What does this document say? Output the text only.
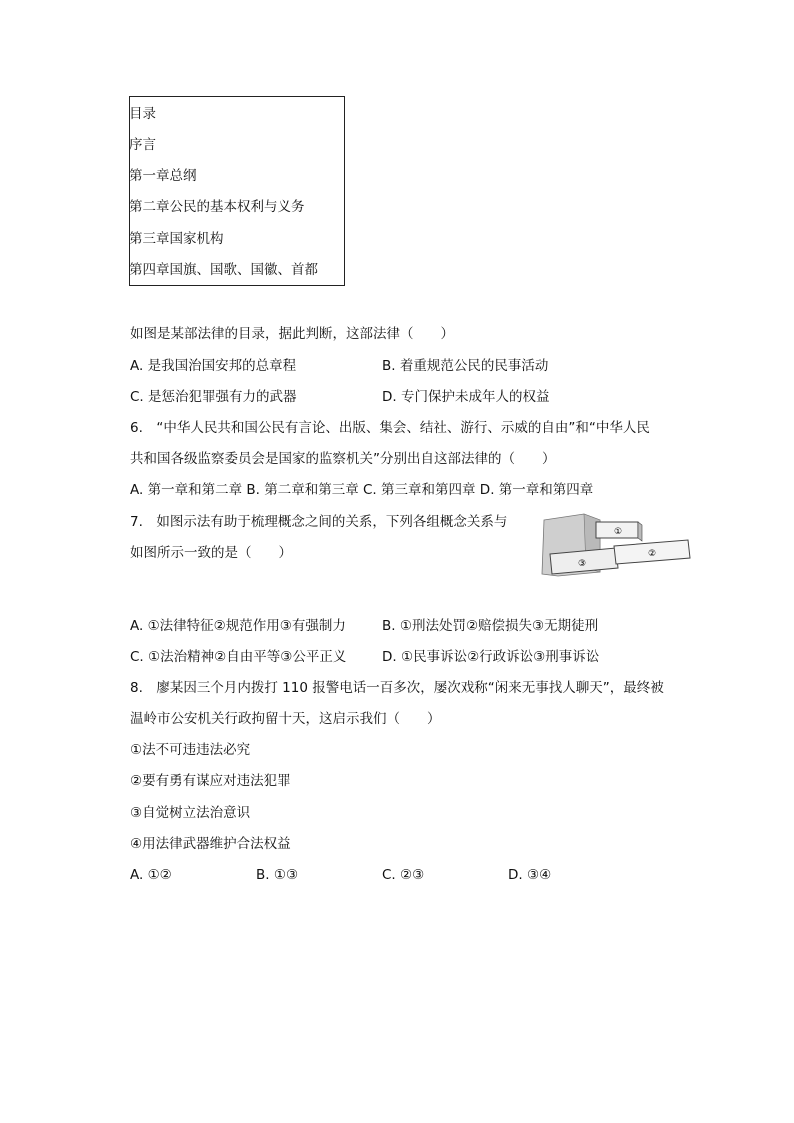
目录
序言
第一章总纲
第二章公民的基本权利与义务
第三章国家机构
第四章国旗、国歌、国徽、首都
如图是某部法律的目录，据此判断，这部法律（　　）
A. 是我国治国安邦的总章程	B. 着重规范公民的民事活动
C. 是惩治犯罪强有力的武器	D. 专门保护未成年人的权益
6.　“中华人民共和国公民有言论、出版、集会、结社、游行、示威的自由”和“中华人民
共和国各级监察委员会是国家的监察机关”分别出自这部法律的（　　）
A. 第一章和第二章 B. 第二章和第三章 C. 第三章和第四章 D. 第一章和第四章
7.　如图示法有助于梳理概念之间的关系，下列各组概念关系与
如图所示一致的是（　　）
①
②
③
A. ①法律特征②规范作用③有强制力	B. ①刑法处罚②赔偿损失③无期徒刑
C. ①法治精神②自由平等③公平正义	D. ①民事诉讼②行政诉讼③刑事诉讼
8.　廖某因三个月内拨打 110 报警电话一百多次，屡次戏称“闲来无事找人聊天”，最终被
温岭市公安机关行政拘留十天，这启示我们（　　）
①法不可违违法必究
②要有勇有谋应对违法犯罪
③自觉树立法治意识
④用法律武器维护合法权益
A. ①②	B. ①③	C. ②③	D. ③④
